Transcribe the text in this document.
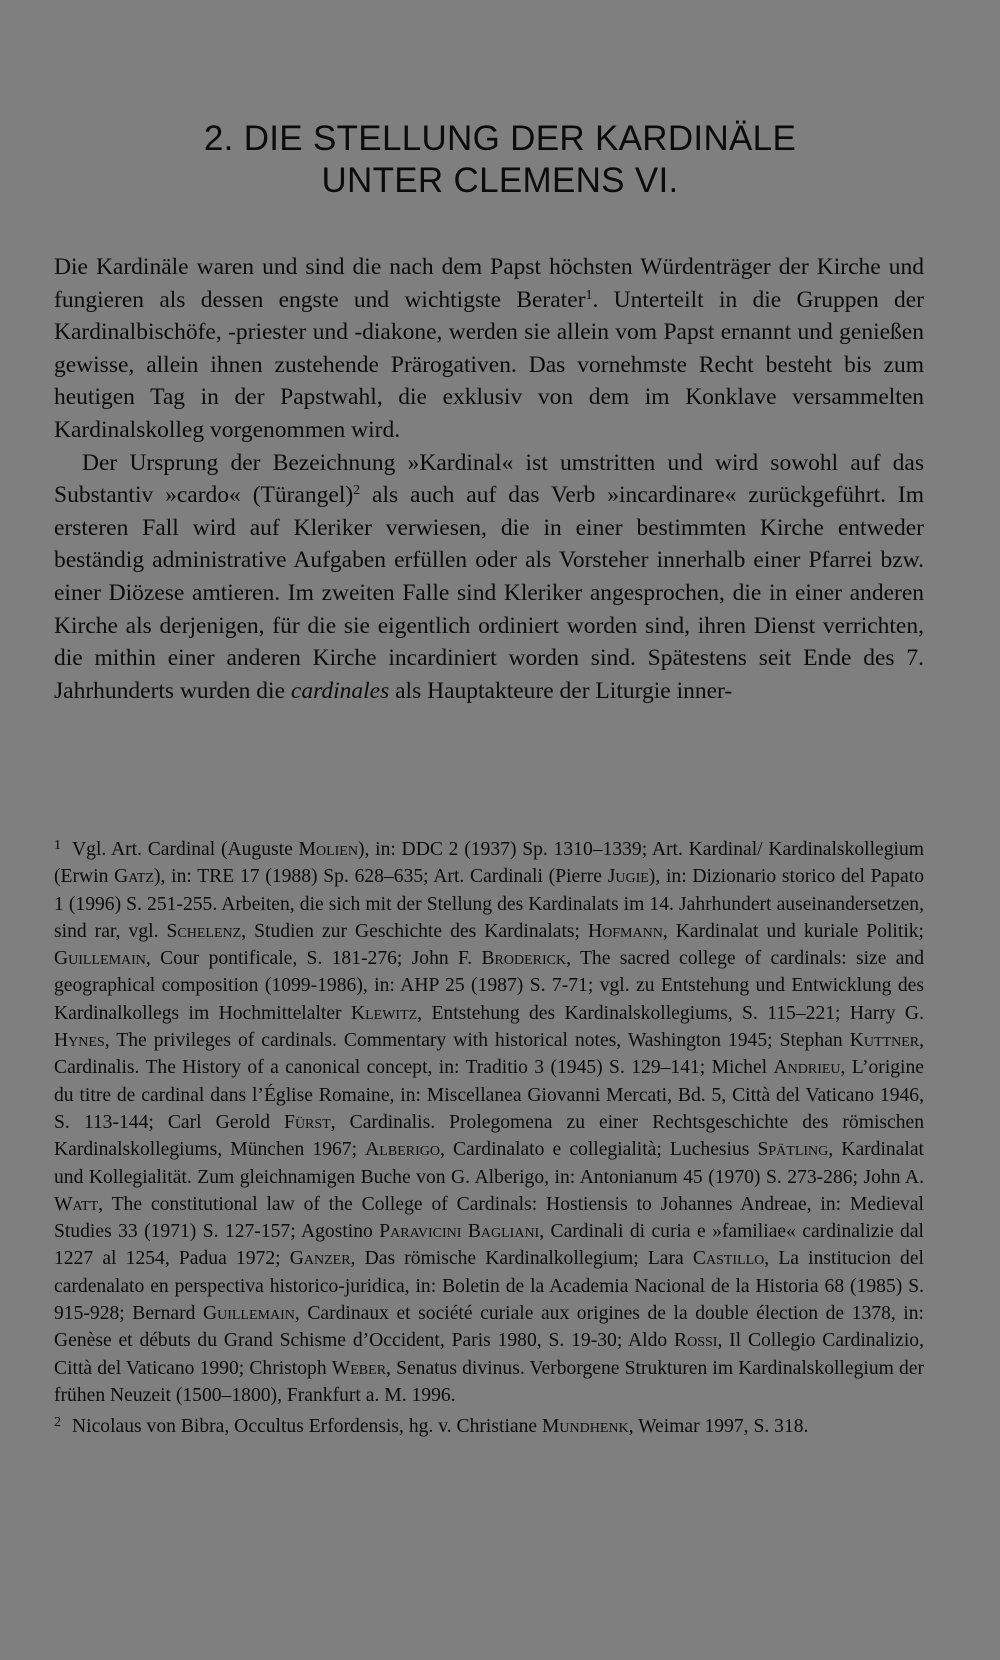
2. DIE STELLUNG DER KARDINÄLE
UNTER CLEMENS VI.

Die Kardinäle waren und sind die nach dem Papst höchsten Würdenträger der Kirche und fungieren als dessen engste und wichtigste Berater$^1$. Unterteilt in die Gruppen der Kardinalbischöfe, -priester und -diakone, werden sie allein vom Papst ernannt und genießen gewisse, allein ihnen zustehende Prärogativen. Das vornehmste Recht besteht bis zum heutigen Tag in der Papstwahl, die exklusiv von dem im Konklave versammelten Kardinalskolleg vorgenommen wird.

Der Ursprung der Bezeichnung »Kardinal« ist umstritten und wird sowohl auf das Substantiv »cardo« (Türangel)$^2$ als auch auf das Verb »incardinare« zurückgeführt. Im ersteren Fall wird auf Kleriker verwiesen, die in einer bestimmten Kirche entweder beständig administrative Aufgaben erfüllen oder als Vorsteher innerhalb einer Pfarrei bzw. einer Diözese amtieren. Im zweiten Falle sind Kleriker angesprochen, die in einer anderen Kirche als derjenigen, für die sie eigentlich ordiniert worden sind, ihren Dienst verrichten, die mithin einer anderen Kirche incardiniert worden sind. Spätestens seit Ende des 7. Jahrhunderts wurden die cardinales als Hauptakteure der Liturgie inner-

1 Vgl. Art. Cardinal (Auguste Molien), in: DDC 2 (1937) Sp. 1310–1339; Art. Kardinal/ Kardinalskollegium (Erwin Gatz), in: TRE 17 (1988) Sp. 628–635; Art. Cardinali (Pierre Jugie), in: Dizionario storico del Papato 1 (1996) S. 251-255. Arbeiten, die sich mit der Stellung des Kardinalats im 14. Jahrhundert auseinandersetzen, sind rar, vgl. Schelenz, Studien zur Geschichte des Kardinalats; Hofmann, Kardinalat und kuriale Politik; Guillemain, Cour pontificale, S. 181-276; John F. Broderick, The sacred college of cardinals: size and geographical composition (1099-1986), in: AHP 25 (1987) S. 7-71; vgl. zu Entstehung und Entwicklung des Kardinalkollegs im Hochmittelalter Klewitz, Entstehung des Kardinalskollegiums, S. 115–221; Harry G. Hynes, The privileges of cardinals. Commentary with historical notes, Washington 1945; Stephan Kuttner, Cardinalis. The History of a canonical concept, in: Traditio 3 (1945) S. 129–141; Michel Andrieu, L’origine du titre de cardinal dans l’Église Romaine, in: Miscellanea Giovanni Mercati, Bd. 5, Città del Vaticano 1946, S. 113-144; Carl Gerold Fürst, Cardinalis. Prolegomena zu einer Rechtsgeschichte des römischen Kardinalskollegiums, München 1967; Alberigo, Cardinalato e collegialità; Luchesius Spätling, Kardinalat und Kollegialität. Zum gleichnamigen Buche von G. Alberigo, in: Antonianum 45 (1970) S. 273-286; John A. Watt, The constitutional law of the College of Cardinals: Hostiensis to Johannes Andreae, in: Medieval Studies 33 (1971) S. 127-157; Agostino Paravicini Bagliani, Cardinali di curia e »familiae« cardinalizie dal 1227 al 1254, Padua 1972; Ganzer, Das römische Kardinalkollegium; Lara Castillo, La institucion del cardenalato en perspectiva historico-juridica, in: Boletin de la Academia Nacional de la Historia 68 (1985) S. 915-928; Bernard Guillemain, Cardinaux et société curiale aux origines de la double élection de 1378, in: Genèse et débuts du Grand Schisme d’Occident, Paris 1980, S. 19-30; Aldo Rossi, Il Collegio Cardinalizio, Città del Vaticano 1990; Christoph Weber, Senatus divinus. Verborgene Strukturen im Kardinalskollegium der frühen Neuzeit (1500–1800), Frankfurt a. M. 1996.

2 Nicolaus von Bibra, Occultus Erfordensis, hg. v. Christiane Mundhenk, Weimar 1997, S. 318.
